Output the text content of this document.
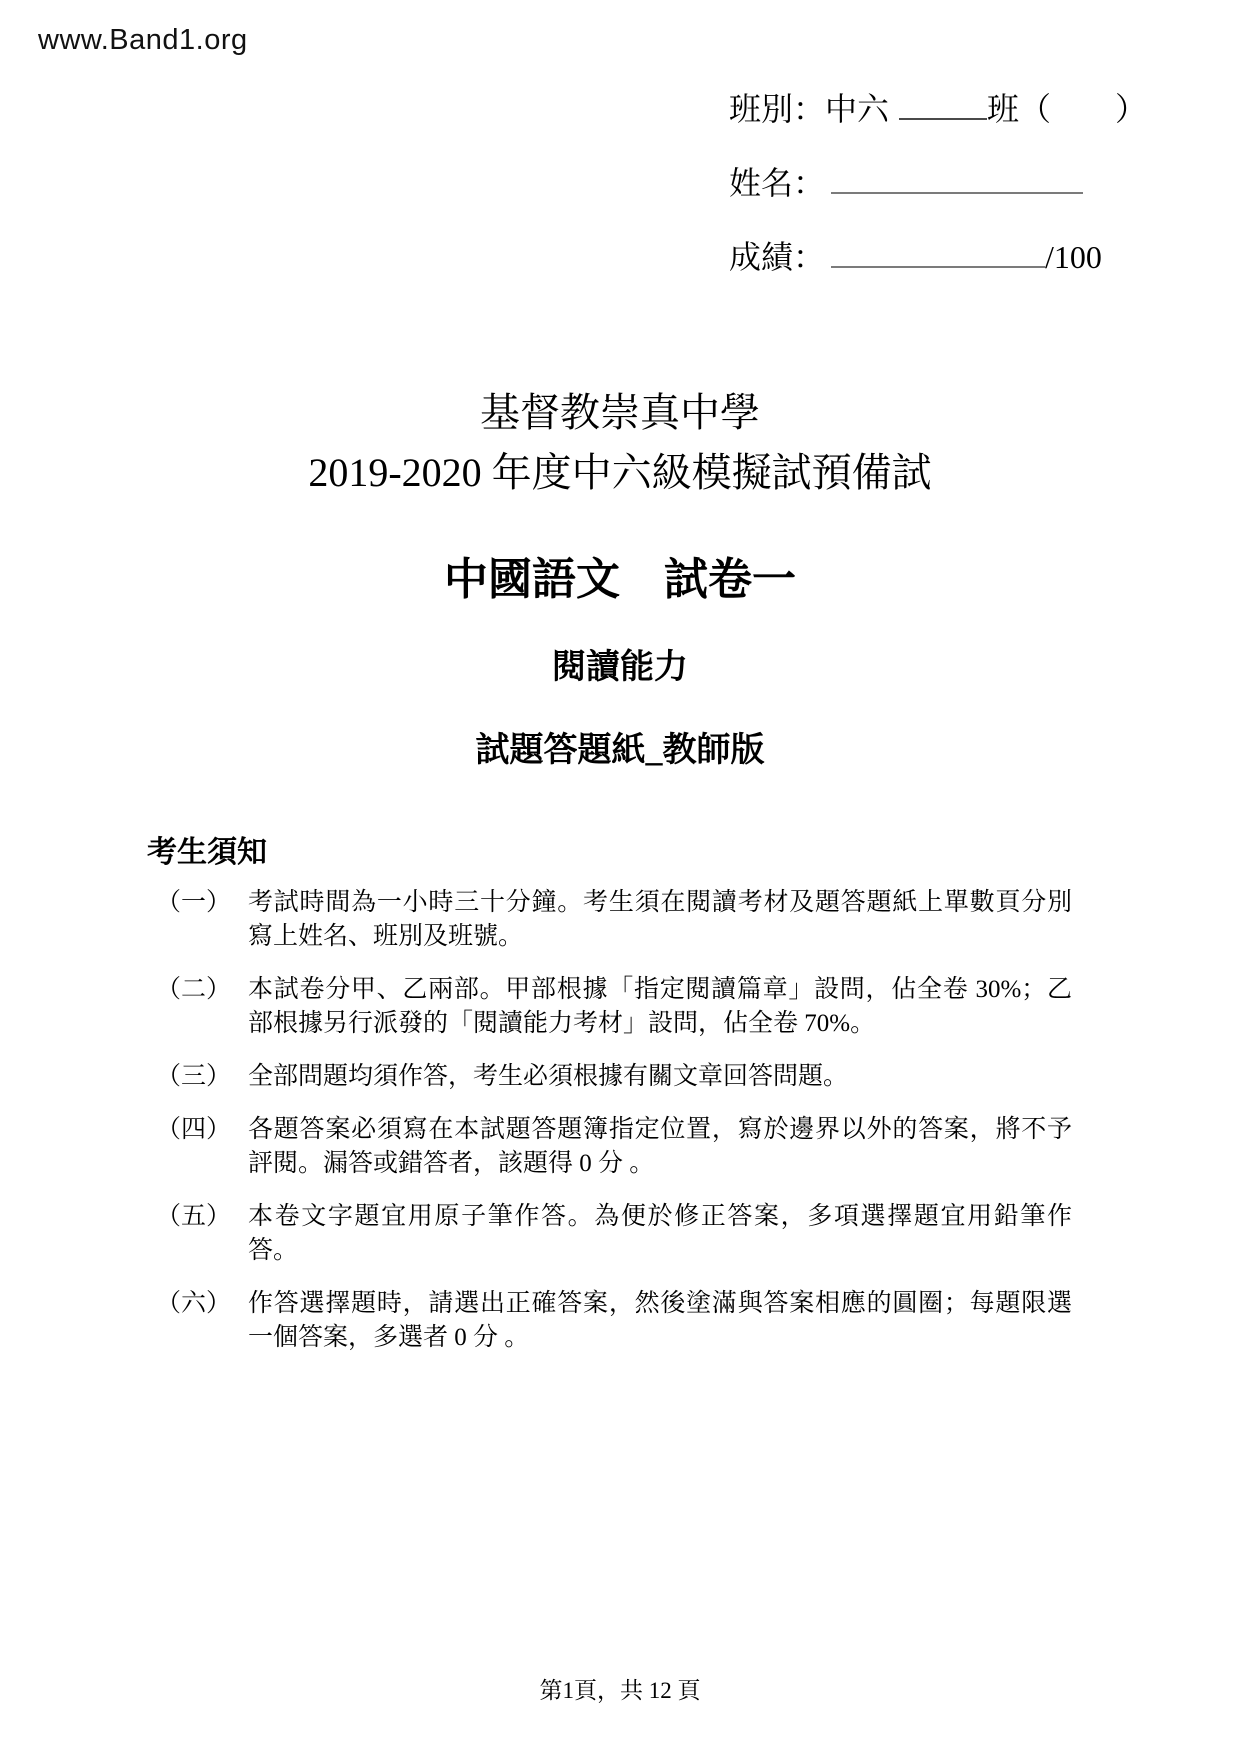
www.Band1.org
班別：中六	班（　　）
姓名：
成績：	/100
基督教崇真中學
2019-2020 年度中六級模擬試預備試
中國語文　試卷一
閱讀能力
試題答題紙_教師版
考生須知
（一） 考試時間為一小時三十分鐘。考生須在閱讀考材及題答題紙上單數頁分別寫上姓名、班別及班號。
（二） 本試卷分甲、乙兩部。甲部根據「指定閱讀篇章」設問，佔全卷 30%；乙部根據另行派發的「閱讀能力考材」設問，佔全卷 70%。
（三） 全部問題均須作答，考生必須根據有關文章回答問題。
（四） 各題答案必須寫在本試題答題簿指定位置，寫於邊界以外的答案，將不予評閱。漏答或錯答者，該題得 0 分 。
（五） 本卷文字題宜用原子筆作答。為便於修正答案，多項選擇題宜用鉛筆作答。
（六） 作答選擇題時，請選出正確答案，然後塗滿與答案相應的圓圈；每題限選一個答案，多選者 0 分 。
第1頁，共 12 頁
